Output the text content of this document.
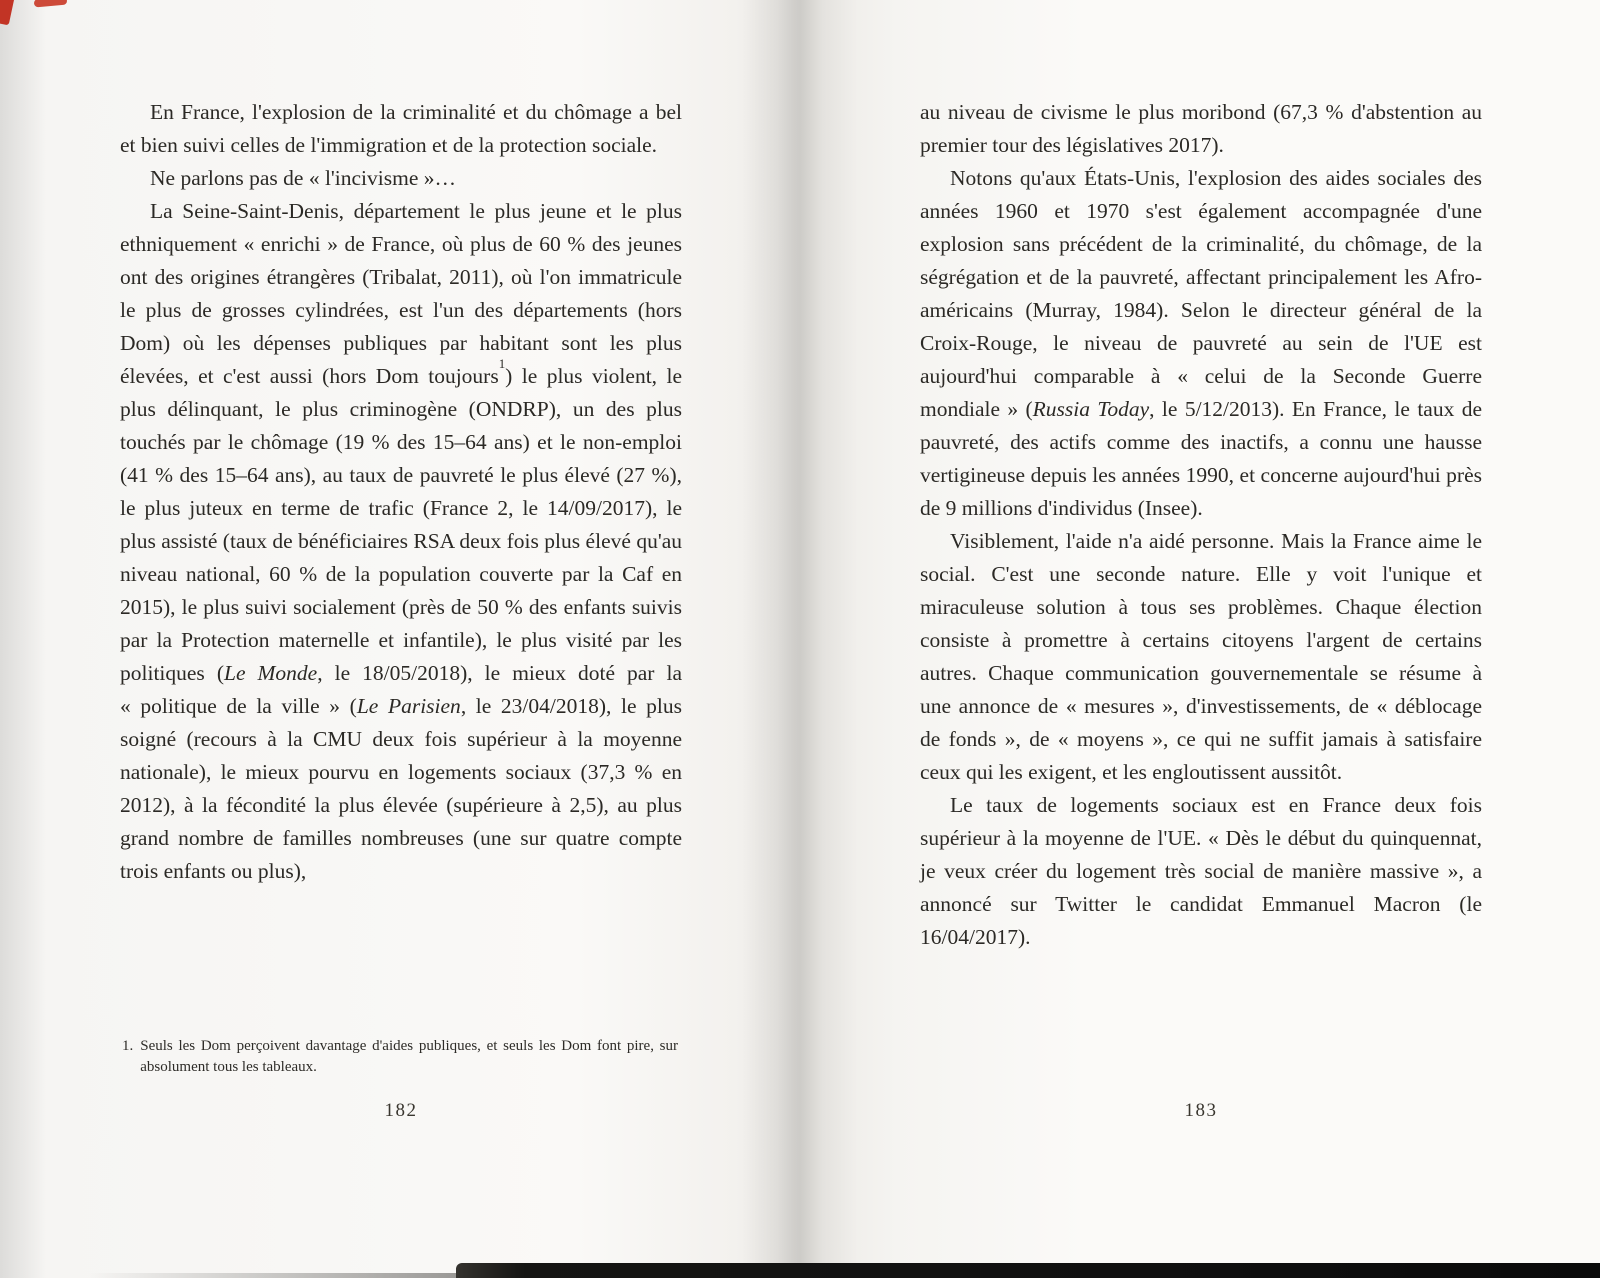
En France, l'explosion de la criminalité et du chômage a bel et bien suivi celles de l'immigration et de la protection sociale.

Ne parlons pas de « l'incivisme »…

La Seine-Saint-Denis, département le plus jeune et le plus ethniquement « enrichi » de France, où plus de 60 % des jeunes ont des origines étrangères (Tribalat, 2011), où l'on immatricule le plus de grosses cylindrées, est l'un des départements (hors Dom) où les dépenses publiques par habitant sont les plus élevées, et c'est aussi (hors Dom toujours$^1$) le plus violent, le plus délinquant, le plus criminogène (ONDRP), un des plus touchés par le chômage (19 % des 15–64 ans) et le non-emploi (41 % des 15–64 ans), au taux de pauvreté le plus élevé (27 %), le plus juteux en terme de trafic (France 2, le 14/09/2017), le plus assisté (taux de bénéficiaires RSA deux fois plus élevé qu'au niveau national, 60 % de la population couverte par la Caf en 2015), le plus suivi socialement (près de 50 % des enfants suivis par la Protection maternelle et infantile), le plus visité par les politiques (Le Monde, le 18/05/2018), le mieux doté par la « politique de la ville » (Le Parisien, le 23/04/2018), le plus soigné (recours à la CMU deux fois supérieur à la moyenne nationale), le mieux pourvu en logements sociaux (37,3 % en 2012), à la fécondité la plus élevée (supérieure à 2,5), au plus grand nombre de familles nombreuses (une sur quatre compte trois enfants ou plus),

1. Seuls les Dom perçoivent davantage d'aides publiques, et seuls les Dom font pire, sur absolument tous les tableaux.
182

au niveau de civisme le plus moribond (67,3 % d'abstention au premier tour des législatives 2017).

Notons qu'aux États-Unis, l'explosion des aides sociales des années 1960 et 1970 s'est également accompagnée d'une explosion sans précédent de la criminalité, du chômage, de la ségrégation et de la pauvreté, affectant principalement les Afro-américains (Murray, 1984). Selon le directeur général de la Croix-Rouge, le niveau de pauvreté au sein de l'UE est aujourd'hui comparable à « celui de la Seconde Guerre mondiale » (Russia Today, le 5/12/2013). En France, le taux de pauvreté, des actifs comme des inactifs, a connu une hausse vertigineuse depuis les années 1990, et concerne aujourd'hui près de 9 millions d'individus (Insee).

Visiblement, l'aide n'a aidé personne. Mais la France aime le social. C'est une seconde nature. Elle y voit l'unique et miraculeuse solution à tous ses problèmes. Chaque élection consiste à promettre à certains citoyens l'argent de certains autres. Chaque communication gouvernementale se résume à une annonce de « mesures », d'investissements, de « déblocage de fonds », de « moyens », ce qui ne suffit jamais à satisfaire ceux qui les exigent, et les engloutissent aussitôt.

Le taux de logements sociaux est en France deux fois supérieur à la moyenne de l'UE. « Dès le début du quinquennat, je veux créer du logement très social de manière massive », a annoncé sur Twitter le candidat Emmanuel Macron (le 16/04/2017).

183
